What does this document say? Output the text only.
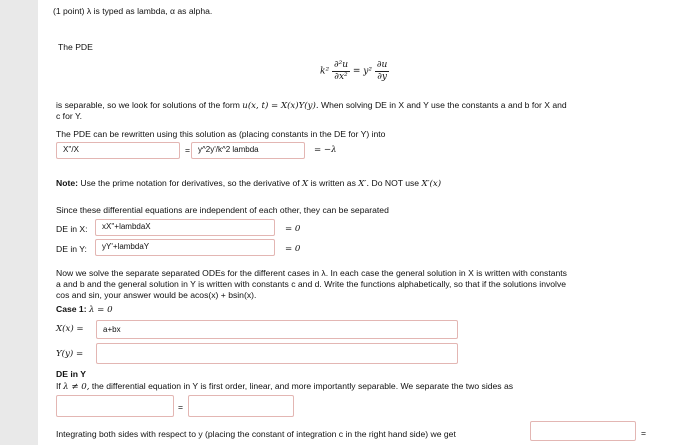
(1 point) λ is typed as lambda, α as alpha.
The PDE
$k^2 \frac{\text{∂²u}}{\text{∂x²}} = y^2 \frac{\partial u}{\partial y}$
is separable, so we look for solutions of the form u(x, t) = X(x)Y(y). When solving DE in X and Y use the constants a and b for X and
c for Y.
The PDE can be rewritten using this solution as (placing constants in the DE for Y) into
X''/X	= y^2y'/k^2 lambda	= −λ
Note: Use the prime notation for derivatives, so the derivative of X is written as X′. Do NOT use X′(x)
Since these differential equations are independent of each other, they can be separated
DE in X:	xX''+lambdaX	= 0
DE in Y:	yY'+lambdaY	= 0
Now we solve the separate separated ODEs for the different cases in λ. In each case the general solution in X is written with constants
a and b and the general solution in Y is written with constants c and d. Write the functions alphabetically, so that if the solutions involve
cos and sin, your answer would be acos(x) + bsin(x).
Case 1: λ = 0
X(x) =	a+bx
Y(y) =
DE in Y
If λ ≠ 0, the differential equation in Y is first order, linear, and more importantly separable. We separate the two sides as
=
Integrating both sides with respect to y (placing the constant of integration c in the right hand side) we get	=
